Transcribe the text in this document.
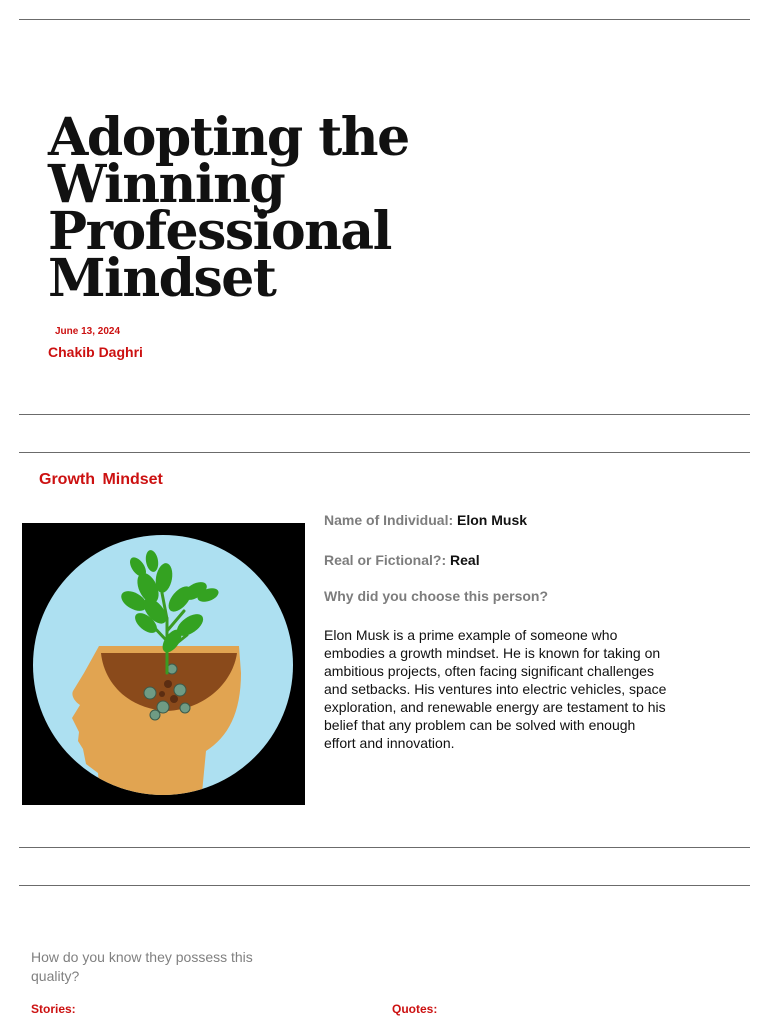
Adopting the Winning Professional Mindset
June 13, 2024
Chakib Daghri
Growth Mindset
Name of Individual: Elon Musk
Real or Fictional?: Real
Why did you choose this person?

Elon Musk is a prime example of someone who embodies a growth mindset. He is known for taking on ambitious projects, often facing significant challenges and setbacks. His ventures into electric vehicles, space exploration, and renewable energy are testament to his belief that any problem can be solved with enough effort and innovation.

How do you know they possess this quality?

Stories:	Quotes:
